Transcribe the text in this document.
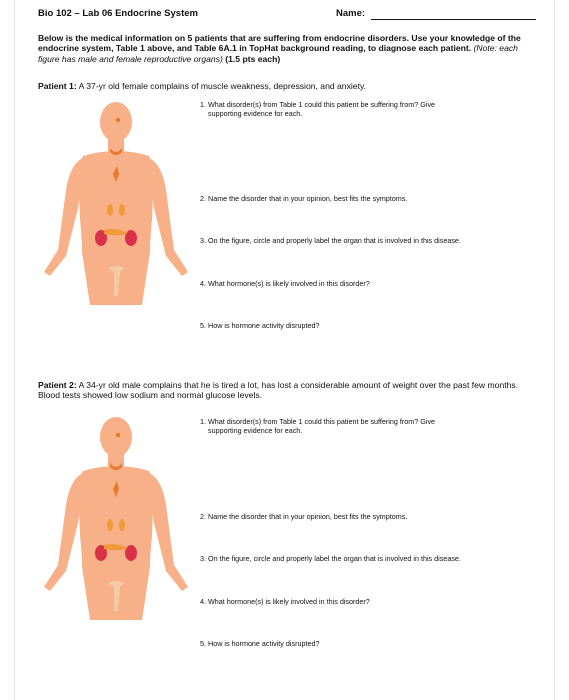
Bio 102 – Lab 06 Endocrine System	Name:
Below is the medical information on 5 patients that are suffering from endocrine disorders. Use your knowledge of the endocrine system, Table 1 above, and Table 6A.1 in TopHat background reading, to diagnose each patient. (Note: each figure has male and female reproductive organs) (1.5 pts each)
Patient 1: A 37-yr old female complains of muscle weakness, depression, and anxiety.
1. What disorder(s) from Table 1 could this patient be suffering from? Give
supporting evidence for each.
2. Name the disorder that in your opinion, best fits the symptoms.
3. On the figure, circle and properly label the organ that is involved in this disease.
4. What hormone(s) is likely involved in this disorder?
5. How is hormone activity disrupted?
Patient 2: A 34-yr old male complains that he is tired a lot, has lost a considerable amount of weight over the past few months. Blood tests showed low sodium and normal glucose levels.
1. What disorder(s) from Table 1 could this patient be suffering from? Give
supporting evidence for each.
2. Name the disorder that in your opinion, best fits the symptoms.
3. On the figure, circle and properly label the organ that is involved in this disease.
4. What hormone(s) is likely involved in this disorder?
5. How is hormone activity disrupted?
